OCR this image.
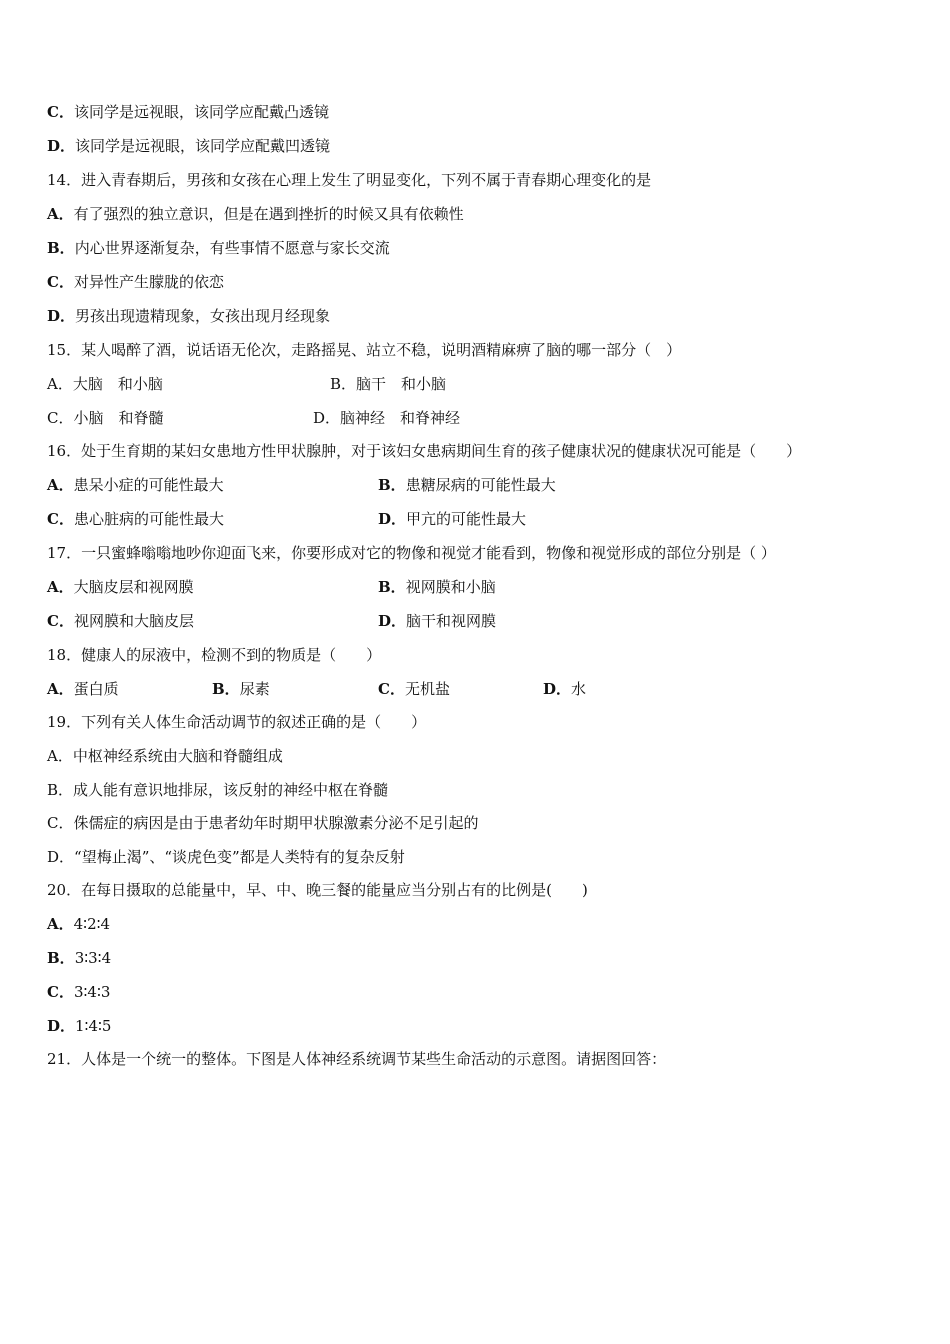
C．该同学是远视眼，该同学应配戴凸透镜
D．该同学是远视眼，该同学应配戴凹透镜
14．进入青春期后，男孩和女孩在心理上发生了明显变化，下列不属于青春期心理变化的是
A．有了强烈的独立意识，但是在遇到挫折的时候又具有依赖性
B．内心世界逐渐复杂，有些事情不愿意与家长交流
C．对异性产生朦胧的依恋
D．男孩出现遗精现象，女孩出现月经现象
15．某人喝醉了酒，说话语无伦次，走路摇晃、站立不稳，说明酒精麻痹了脑的哪一部分（　）
A．大脑　和小脑	B．脑干　和小脑
C．小脑　和脊髓	D．脑神经　和脊神经
16．处于生育期的某妇女患地方性甲状腺肿，对于该妇女患病期间生育的孩子健康状况的健康状况可能是（　　）
A．患呆小症的可能性最大	B．患糖尿病的可能性最大
C．患心脏病的可能性最大	D．甲亢的可能性最大
17．一只蜜蜂嗡嗡地吵你迎面飞来，你要形成对它的物像和视觉才能看到，物像和视觉形成的部位分别是（ ）
A．大脑皮层和视网膜	B．视网膜和小脑
C．视网膜和大脑皮层	D．脑干和视网膜
18．健康人的尿液中，检测不到的物质是（　　）
A．蛋白质	B．尿素	C．无机盐	D．水
19．下列有关人体生命活动调节的叙述正确的是（　　）
A．中枢神经系统由大脑和脊髓组成
B．成人能有意识地排尿，该反射的神经中枢在脊髓
C．侏儒症的病因是由于患者幼年时期甲状腺激素分泌不足引起的
D．“望梅止渴”、“谈虎色变”都是人类特有的复杂反射
20．在每日摄取的总能量中，早、中、晚三餐的能量应当分别占有的比例是(　　)
A．4∶2∶4
B．3∶3∶4
C．3∶4∶3
D．1∶4∶5
21．人体是一个统一的整体。下图是人体神经系统调节某些生命活动的示意图。请据图回答：
